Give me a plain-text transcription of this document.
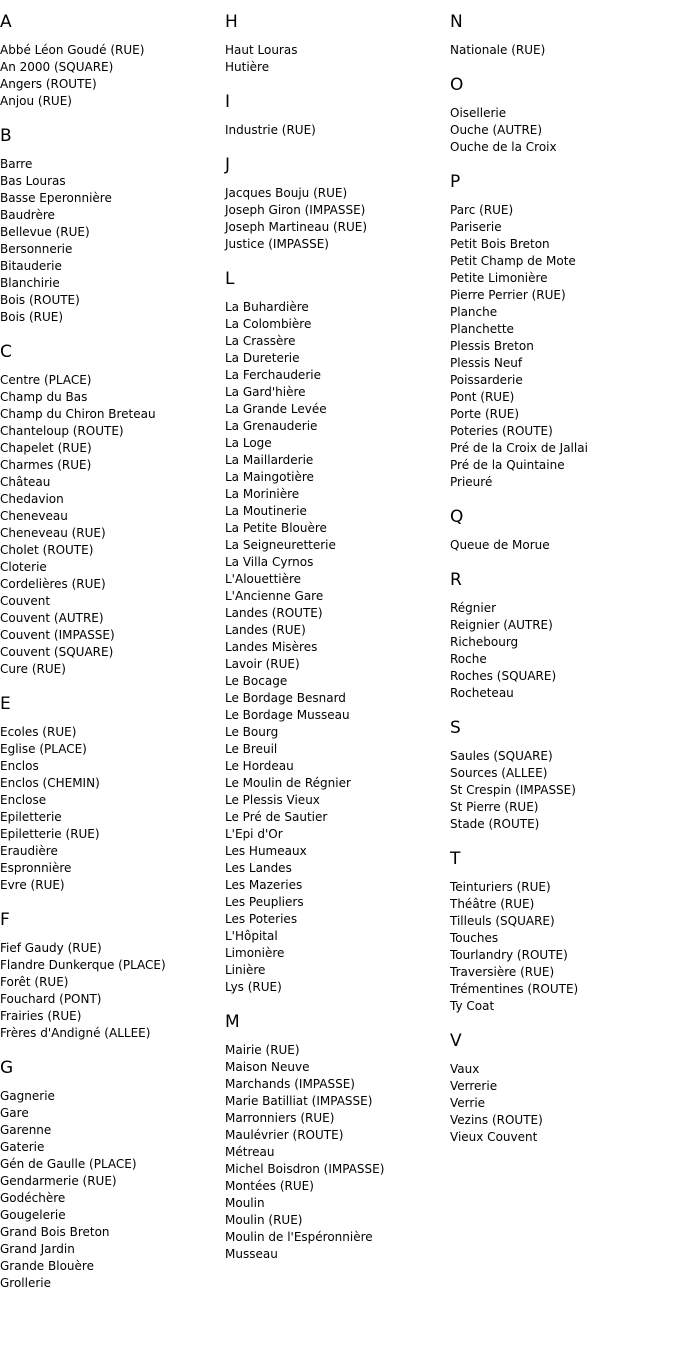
A
Abbé Léon Goudé (RUE)
An 2000 (SQUARE)
Angers (ROUTE)
Anjou (RUE)
B
Barre
Bas Louras
Basse Eperonnière
Baudrère
Bellevue (RUE)
Bersonnerie
Bitauderie
Blanchirie
Bois (ROUTE)
Bois (RUE)
C
Centre (PLACE)
Champ du Bas
Champ du Chiron Breteau
Chanteloup (ROUTE)
Chapelet (RUE)
Charmes (RUE)
Château
Chedavion
Cheneveau
Cheneveau (RUE)
Cholet (ROUTE)
Cloterie
Cordelières (RUE)
Couvent
Couvent (AUTRE)
Couvent (IMPASSE)
Couvent (SQUARE)
Cure (RUE)
E
Ecoles (RUE)
Eglise (PLACE)
Enclos
Enclos (CHEMIN)
Enclose
Epiletterie
Epiletterie (RUE)
Eraudière
Espronnière
Evre (RUE)
F
Fief Gaudy (RUE)
Flandre Dunkerque (PLACE)
Forêt (RUE)
Fouchard (PONT)
Frairies (RUE)
Frères d'Andigné (ALLEE)
G
Gagnerie
Gare
Garenne
Gaterie
Gén de Gaulle (PLACE)
Gendarmerie (RUE)
Godéchère
Gougelerie
Grand Bois Breton
Grand Jardin
Grande Blouère
Grollerie
H
Haut Louras
Hutière
I
Industrie (RUE)
J
Jacques Bouju (RUE)
Joseph Giron (IMPASSE)
Joseph Martineau (RUE)
Justice (IMPASSE)
L
La Buhardière
La Colombière
La Crassère
La Dureterie
La Ferchauderie
La Gard'hière
La Grande Levée
La Grenauderie
La Loge
La Maillarderie
La Maingotière
La Morinière
La Moutinerie
La Petite Blouère
La Seigneuretterie
La Villa Cyrnos
L'Alouettière
L'Ancienne Gare
Landes (ROUTE)
Landes (RUE)
Landes Misères
Lavoir (RUE)
Le Bocage
Le Bordage Besnard
Le Bordage Musseau
Le Bourg
Le Breuil
Le Hordeau
Le Moulin de Régnier
Le Plessis Vieux
Le Pré de Sautier
L'Epi d'Or
Les Humeaux
Les Landes
Les Mazeries
Les Peupliers
Les Poteries
L'Hôpital
Limonière
Linière
Lys (RUE)
M
Mairie (RUE)
Maison Neuve
Marchands (IMPASSE)
Marie Batilliat (IMPASSE)
Marronniers (RUE)
Maulévrier (ROUTE)
Métreau
Michel Boisdron (IMPASSE)
Montées (RUE)
Moulin
Moulin (RUE)
Moulin de l'Espéronnière
Musseau
N
Nationale (RUE)
O
Oisellerie
Ouche (AUTRE)
Ouche de la Croix
P
Parc (RUE)
Pariserie
Petit Bois Breton
Petit Champ de Mote
Petite Limonière
Pierre Perrier (RUE)
Planche
Planchette
Plessis Breton
Plessis Neuf
Poissarderie
Pont (RUE)
Porte (RUE)
Poteries (ROUTE)
Pré de la Croix de Jallai
Pré de la Quintaine
Prieuré
Q
Queue de Morue
R
Régnier
Reignier (AUTRE)
Richebourg
Roche
Roches (SQUARE)
Rocheteau
S
Saules (SQUARE)
Sources (ALLEE)
St Crespin (IMPASSE)
St Pierre (RUE)
Stade (ROUTE)
T
Teinturiers (RUE)
Théâtre (RUE)
Tilleuls (SQUARE)
Touches
Tourlandry (ROUTE)
Traversière (RUE)
Trémentines (ROUTE)
Ty Coat
V
Vaux
Verrerie
Verrie
Vezins (ROUTE)
Vieux Couvent
